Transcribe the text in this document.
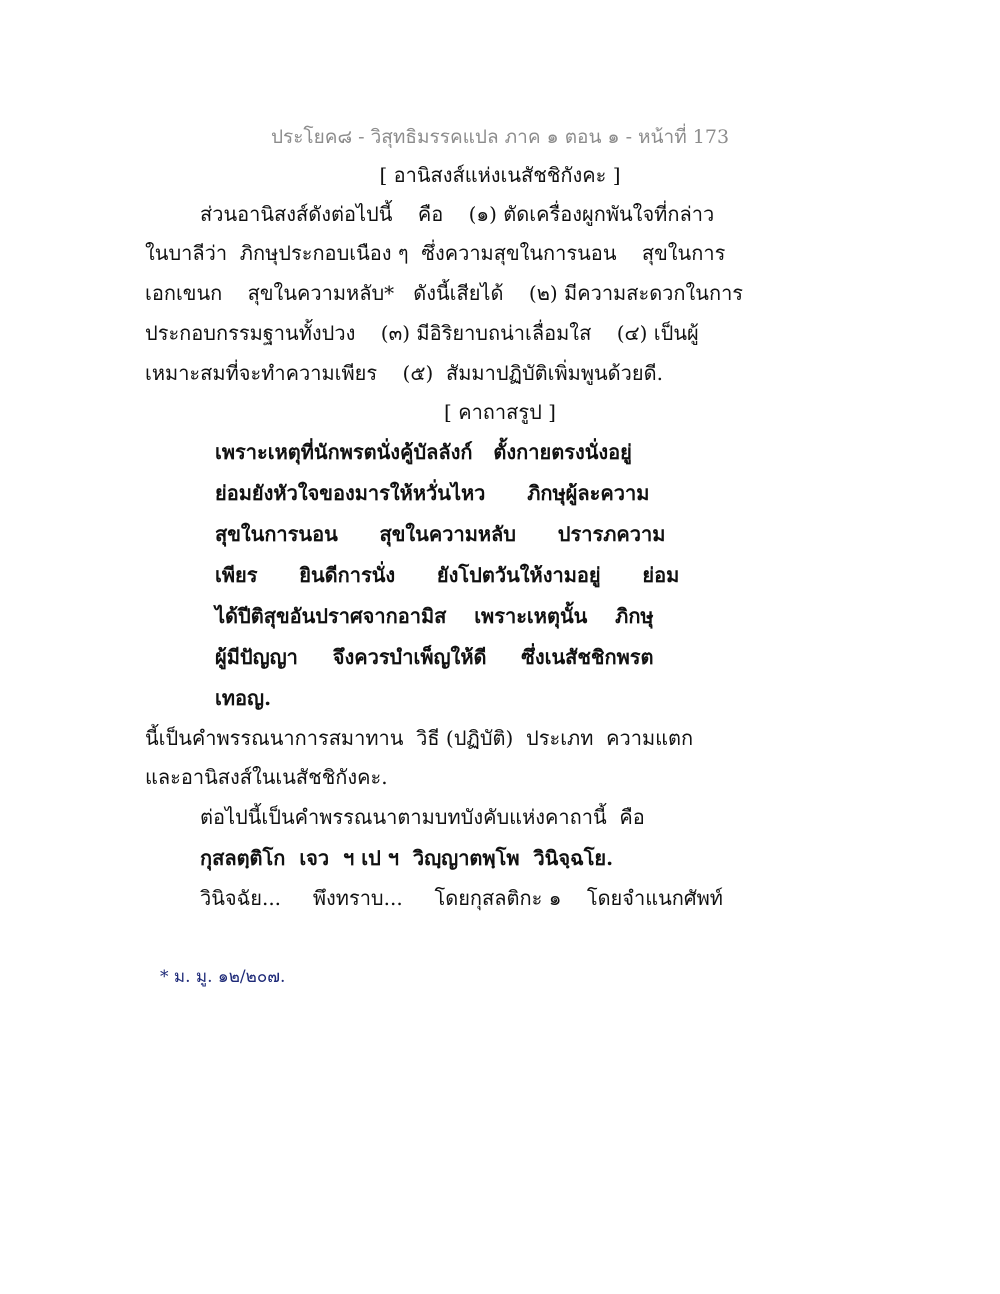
ประโยค๘ - วิสุทธิมรรคแปล ภาค ๑ ตอน ๑ - หน้าที่ 173
[ อานิสงส์แห่งเนสัชชิกังคะ ]
ส่วนอานิสงส์ดังต่อไปนี้    คือ    (๑) ตัดเครื่องผูกพันใจที่กล่าว
ในบาลีว่า  ภิกษุประกอบเนือง ๆ  ซึ่งความสุขในการนอน    สุขในการ
เอกเขนก    สุขในความหลับ*   ดังนี้เสียได้    (๒) มีความสะดวกในการ
ประกอบกรรมฐานทั้งปวง    (๓) มีอิริยาบถน่าเลื่อมใส    (๔) เป็นผู้
เหมาะสมที่จะทำความเพียร    (๕)  สัมมาปฏิบัติเพิ่มพูนด้วยดี.
[ คาถาสรูป ]
เพราะเหตุที่นักพรตนั่งคู้บัลลังก์   ตั้งกายตรงนั่งอยู่
ย่อมยังหัวใจของมารให้หวั่นไหว      ภิกษุผู้ละความ
สุขในการนอน      สุขในความหลับ      ปรารภความ
เพียร      ยินดีการนั่ง      ยังโปตวันให้งามอยู่      ย่อม
ได้ปีติสุขอันปราศจากอามิส    เพราะเหตุนั้น    ภิกษุ
ผู้มีปัญญา     จึงควรบำเพ็ญให้ดี     ซึ่งเนสัชชิกพรต
เทอญ.
นี้เป็นคำพรรณนาการสมาทาน  วิธี (ปฏิบัติ)  ประเภท  ความแตก
และอานิสงส์ในเนสัชชิกังคะ.
ต่อไปนี้เป็นคำพรรณนาตามบทบังคับแห่งคาถานี้  คือ
กุสลตฺติโก  เจว  ฯ เป ฯ  วิญฺญาตพฺโพ  วินิจฺฉโย.
วินิจฉัย...     พึงทราบ...     โดยกุสลติกะ ๑    โดยจำแนกศัพท์
* ม. มู. ๑๒/๒๐๗.
